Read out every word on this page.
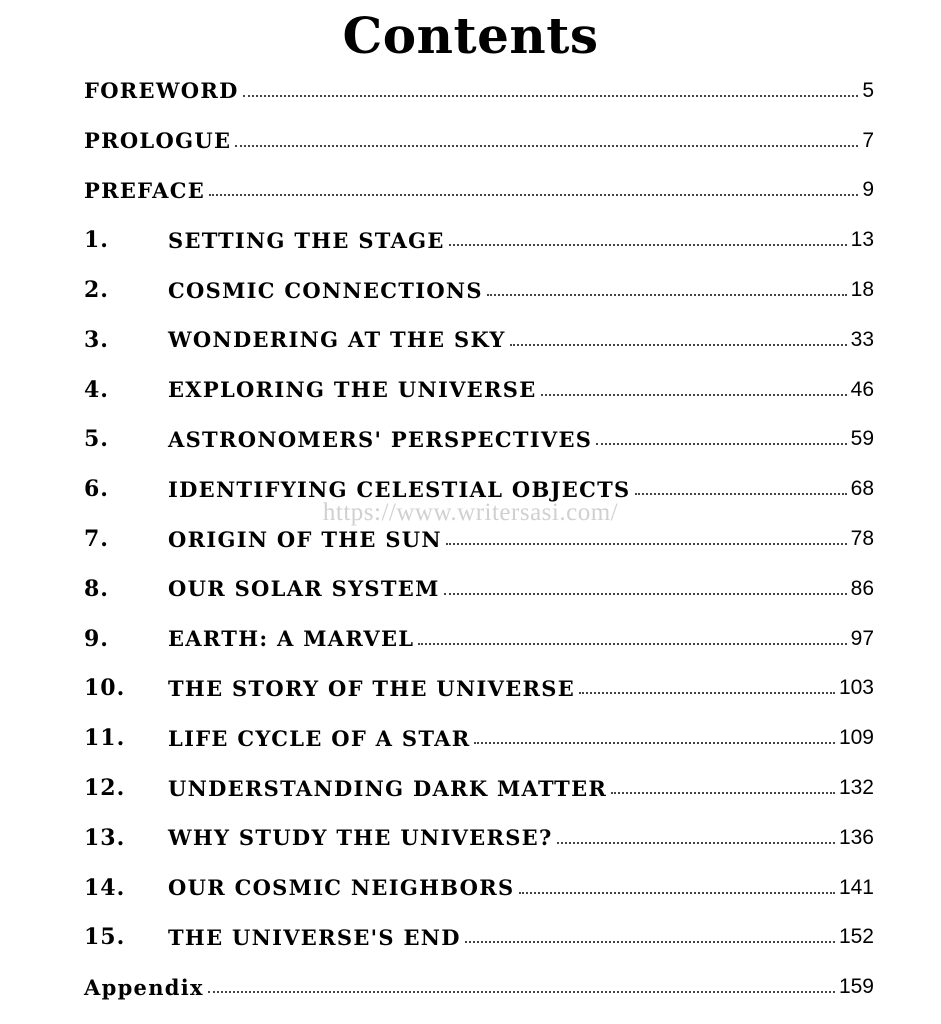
Contents
FOREWORD	5
PROLOGUE	7
PREFACE	9
1.	SETTING THE STAGE	13
2.	COSMIC CONNECTIONS	18
3.	WONDERING AT THE SKY	33
4.	EXPLORING THE UNIVERSE	46
5.	ASTRONOMERS' PERSPECTIVES	59
6.	IDENTIFYING CELESTIAL OBJECTS	68
7.	ORIGIN OF THE SUN	78
8.	OUR SOLAR SYSTEM	86
9.	EARTH: A MARVEL	97
10.	THE STORY OF THE UNIVERSE	103
11.	LIFE CYCLE OF A STAR	109
12.	UNDERSTANDING DARK MATTER	132
13.	WHY STUDY THE UNIVERSE?	136
14.	OUR COSMIC NEIGHBORS	141
15.	THE UNIVERSE'S END	152
Appendix	159
https://www.writersasi.com/
